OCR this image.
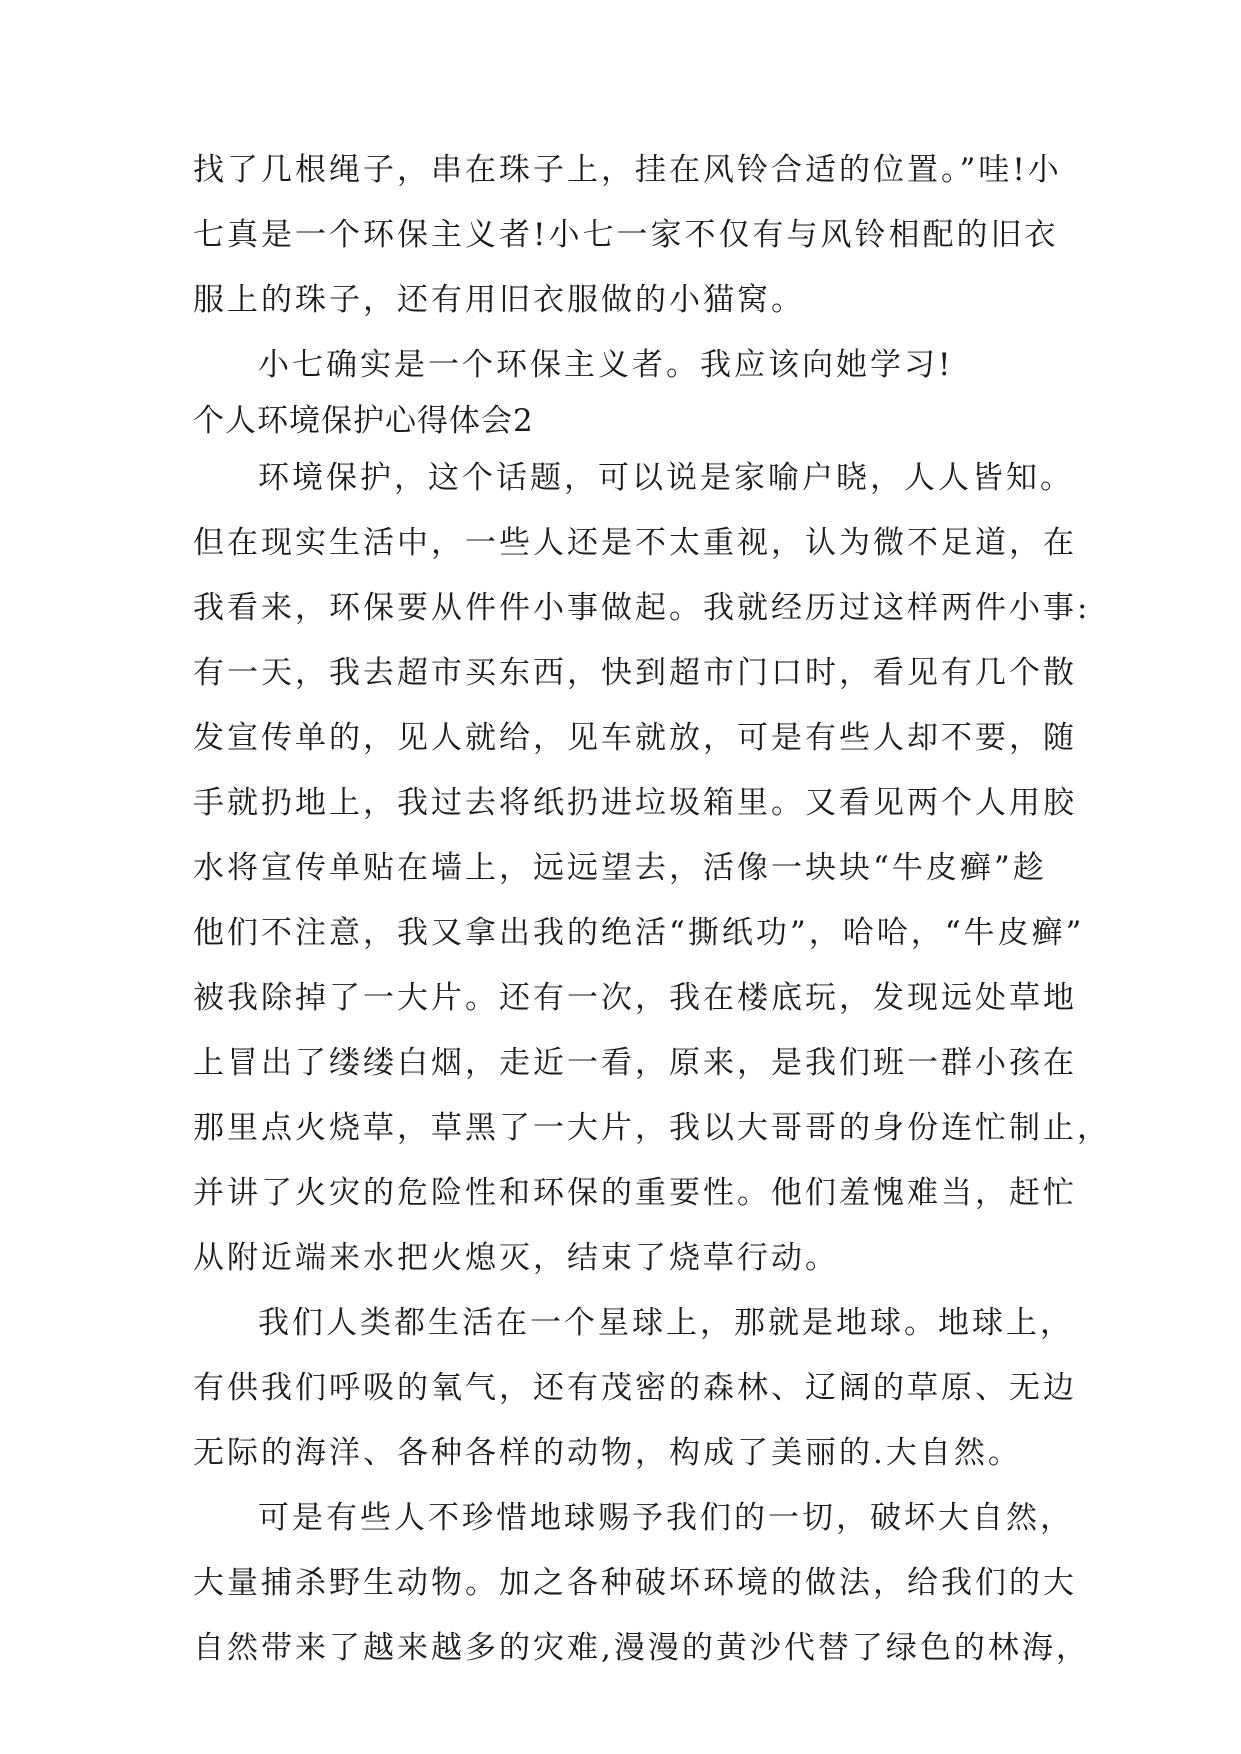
找了几根绳子，串在珠子上，挂在风铃合适的位置。”哇!小
七真是一个环保主义者!小七一家不仅有与风铃相配的旧衣
服上的珠子，还有用旧衣服做的小猫窝。
小七确实是一个环保主义者。我应该向她学习!
个人环境保护心得体会2
环境保护，这个话题，可以说是家喻户晓，人人皆知。
但在现实生活中，一些人还是不太重视，认为微不足道，在
我看来，环保要从件件小事做起。我就经历过这样两件小事:
有一天，我去超市买东西，快到超市门口时，看见有几个散
发宣传单的，见人就给，见车就放，可是有些人却不要，随
手就扔地上，我过去将纸扔进垃圾箱里。又看见两个人用胶
水将宣传单贴在墙上，远远望去，活像一块块“牛皮癣”趁
他们不注意，我又拿出我的绝活“撕纸功”，哈哈，“牛皮癣”
被我除掉了一大片。还有一次，我在楼底玩，发现远处草地
上冒出了缕缕白烟，走近一看，原来，是我们班一群小孩在
那里点火烧草，草黑了一大片，我以大哥哥的身份连忙制止，
并讲了火灾的危险性和环保的重要性。他们羞愧难当，赶忙
从附近端来水把火熄灭，结束了烧草行动。
我们人类都生活在一个星球上，那就是地球。地球上，
有供我们呼吸的氧气，还有茂密的森林、辽阔的草原、无边
无际的海洋、各种各样的动物，构成了美丽的.大自然。
可是有些人不珍惜地球赐予我们的一切，破坏大自然，
大量捕杀野生动物。加之各种破坏环境的做法，给我们的大
自然带来了越来越多的灾难,漫漫的黄沙代替了绿色的林海，
